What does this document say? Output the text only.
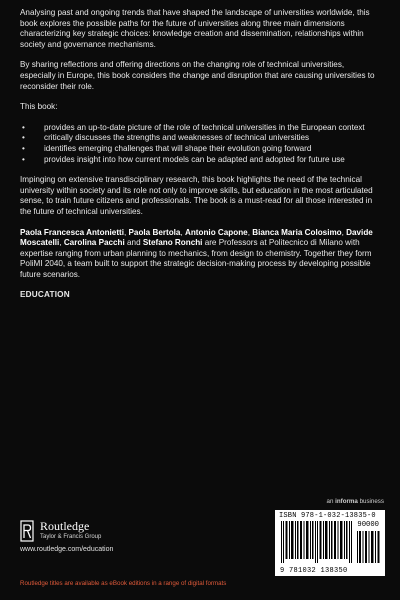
Analysing past and ongoing trends that have shaped the landscape of universities worldwide, this book explores the possible paths for the future of universities along three main dimensions characterizing key strategic choices: knowledge creation and dissemination, relationships within society and governance mechanisms.

By sharing reflections and offering directions on the changing role of technical universities, especially in Europe, this book considers the change and disruption that are causing universities to reconsider their role.

This book:

• provides an up-to-date picture of the role of technical universities in the European context
• critically discusses the strengths and weaknesses of technical universities
• identifies emerging challenges that will shape their evolution going forward
• provides insight into how current models can be adapted and adopted for future use

Impinging on extensive transdisciplinary research, this book highlights the need of the technical university within society and its role not only to improve skills, but education in the most articulated sense, to train future citizens and professionals. The book is a must-read for all those interested in the future of technical universities.

Paola Francesca Antonietti, Paola Bertola, Antonio Capone, Bianca Maria Colosimo, Davide Moscatelli, Carolina Pacchi and Stefano Ronchi are Professors at Politecnico di Milano with expertise ranging from urban planning to mechanics, from design to chemistry. Together they form PoliMI 2040, a team built to support the strategic decision-making process by developing possible future scenarios.

EDUCATION
an informa business
Routledge
Taylor & Francis Group
www.routledge.com/education
Routledge titles are available as eBook editions in a range of digital formats
ISBN 978-1-032-13835-0
90000
9 781032 138350
